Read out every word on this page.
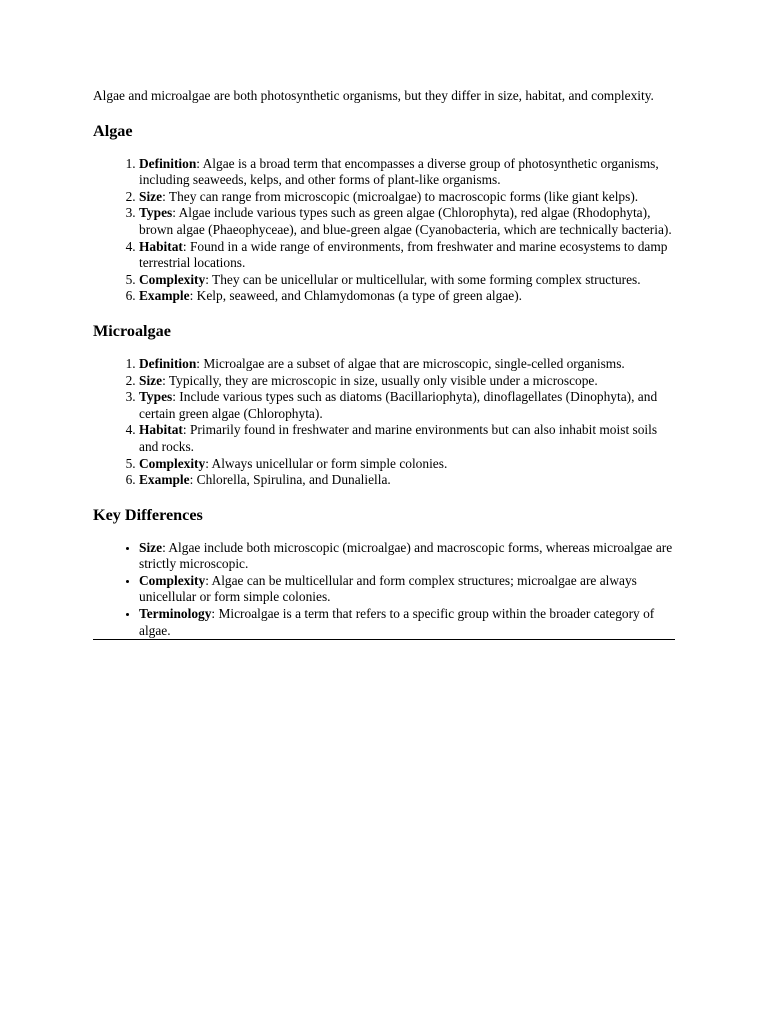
Algae and microalgae are both photosynthetic organisms, but they differ in size, habitat, and complexity.

Algae
1. Definition: Algae is a broad term that encompasses a diverse group of photosynthetic organisms, including seaweeds, kelps, and other forms of plant-like organisms.
2. Size: They can range from microscopic (microalgae) to macroscopic forms (like giant kelps).
3. Types: Algae include various types such as green algae (Chlorophyta), red algae (Rhodophyta), brown algae (Phaeophyceae), and blue-green algae (Cyanobacteria, which are technically bacteria).
4. Habitat: Found in a wide range of environments, from freshwater and marine ecosystems to damp terrestrial locations.
5. Complexity: They can be unicellular or multicellular, with some forming complex structures.
6. Example: Kelp, seaweed, and Chlamydomonas (a type of green algae).
Microalgae
1. Definition: Microalgae are a subset of algae that are microscopic, single-celled organisms.
2. Size: Typically, they are microscopic in size, usually only visible under a microscope.
3. Types: Include various types such as diatoms (Bacillariophyta), dinoflagellates (Dinophyta), and certain green algae (Chlorophyta).
4. Habitat: Primarily found in freshwater and marine environments but can also inhabit moist soils and rocks.
5. Complexity: Always unicellular or form simple colonies.
6. Example: Chlorella, Spirulina, and Dunaliella.
Key Differences
• Size: Algae include both microscopic (microalgae) and macroscopic forms, whereas microalgae are strictly microscopic.
• Complexity: Algae can be multicellular and form complex structures; microalgae are always unicellular or form simple colonies.
• Terminology: Microalgae is a term that refers to a specific group within the broader category of algae.
